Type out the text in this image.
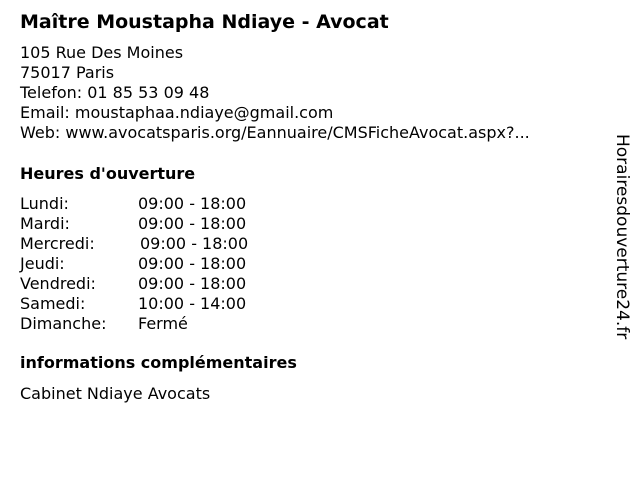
Maître Moustapha Ndiaye - Avocat
105 Rue Des Moines
75017 Paris
Telefon: 01 85 53 09 48
Email: moustaphaa.ndiaye@gmail.com
Web: www.avocatsparis.org/Eannuaire/CMSFicheAvocat.aspx?...
Heures d'ouverture
Lundi:	09:00 - 18:00
Mardi:	09:00 - 18:00
Mercredi:	09:00 - 18:00
Jeudi:	09:00 - 18:00
Vendredi:	09:00 - 18:00
Samedi:	10:00 - 14:00
Dimanche: Fermé
informations complémentaires
Cabinet Ndiaye Avocats
Horairesdouverture24.fr
